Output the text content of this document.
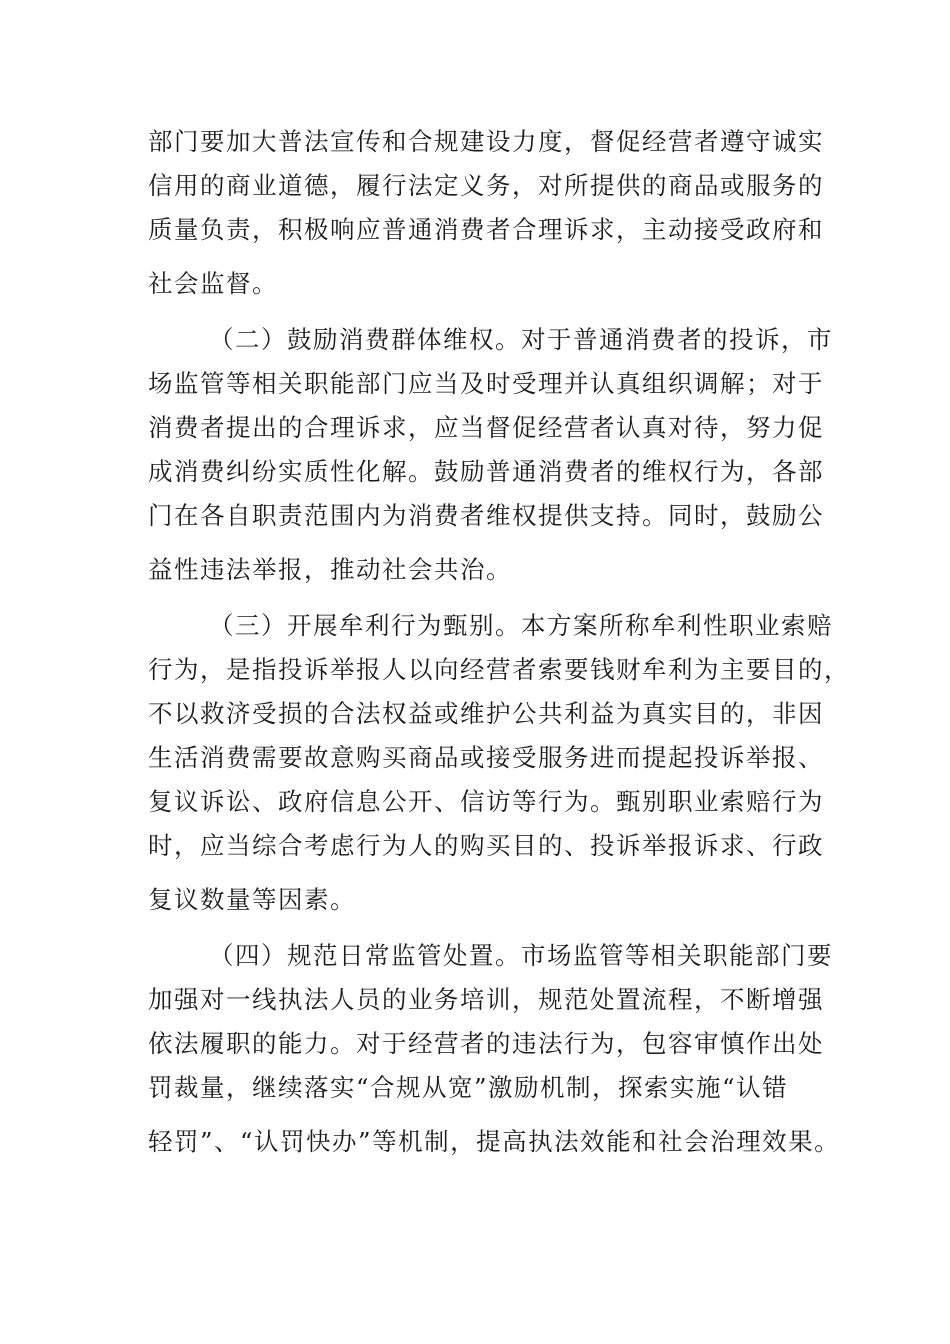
部门要加大普法宣传和合规建设力度，督促经营者遵守诚实
信用的商业道德，履行法定义务，对所提供的商品或服务的
质量负责，积极响应普通消费者合理诉求，主动接受政府和
社会监督。

（二）鼓励消费群体维权。对于普通消费者的投诉，市
场监管等相关职能部门应当及时受理并认真组织调解；对于
消费者提出的合理诉求，应当督促经营者认真对待，努力促
成消费纠纷实质性化解。鼓励普通消费者的维权行为，各部
门在各自职责范围内为消费者维权提供支持。同时，鼓励公
益性违法举报，推动社会共治。

（三）开展牟利行为甄别。本方案所称牟利性职业索赔
行为，是指投诉举报人以向经营者索要钱财牟利为主要目的，
不以救济受损的合法权益或维护公共利益为真实目的，非因
生活消费需要故意购买商品或接受服务进而提起投诉举报、
复议诉讼、政府信息公开、信访等行为。甄别职业索赔行为
时，应当综合考虑行为人的购买目的、投诉举报诉求、行政
复议数量等因素。

（四）规范日常监管处置。市场监管等相关职能部门要
加强对一线执法人员的业务培训，规范处置流程，不断增强
依法履职的能力。对于经营者的违法行为，包容审慎作出处
罚裁量，继续落实“合规从宽”激励机制，探索实施“认错
轻罚”、“认罚快办”等机制，提高执法效能和社会治理效果。
